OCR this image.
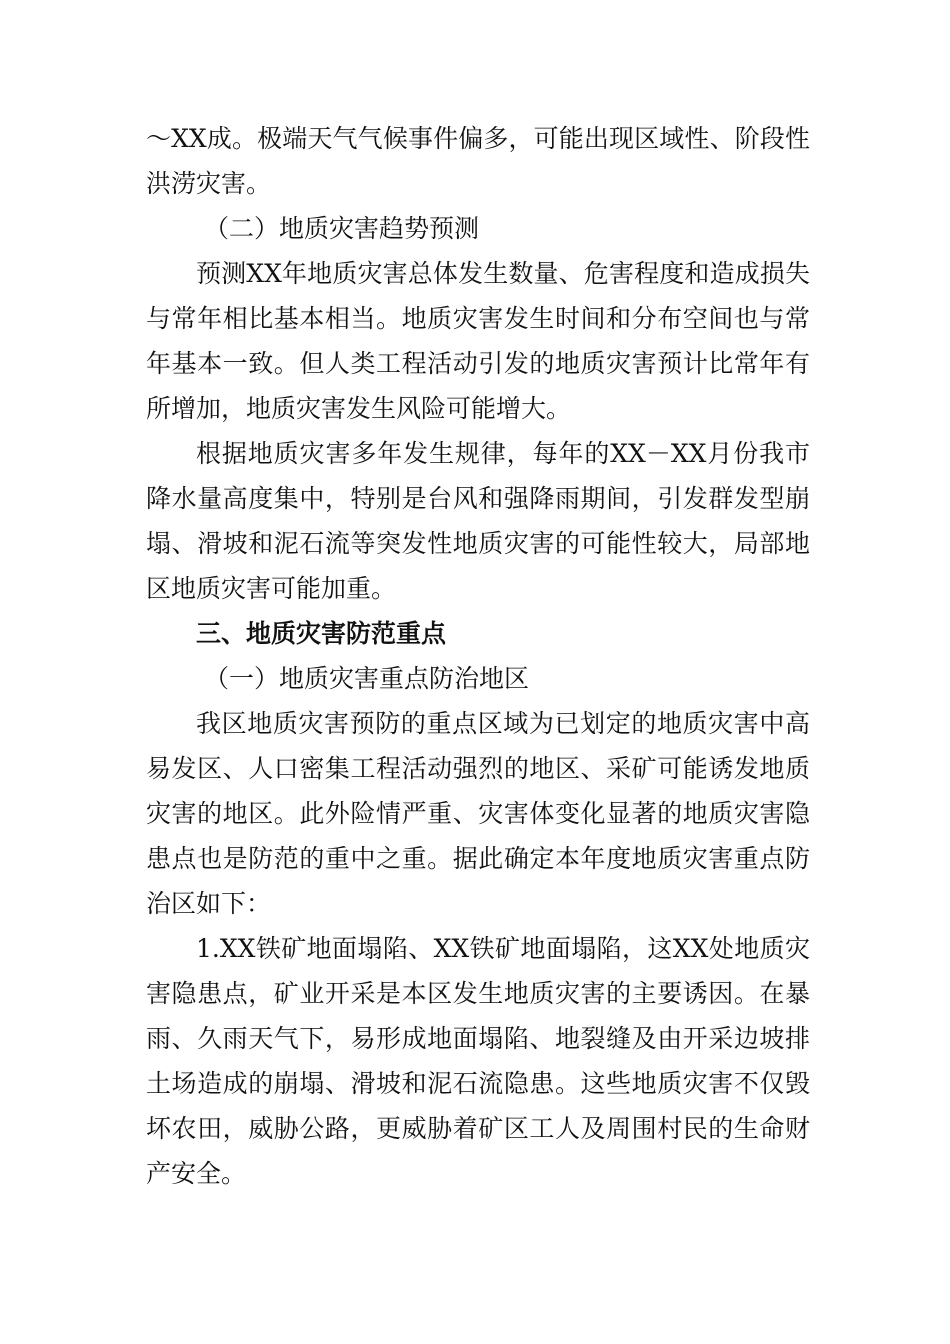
～XX成。极端天气气候事件偏多，可能出现区域性、阶段性洪涝灾害。

（二）地质灾害趋势预测

预测XX年地质灾害总体发生数量、危害程度和造成损失与常年相比基本相当。地质灾害发生时间和分布空间也与常年基本一致。但人类工程活动引发的地质灾害预计比常年有所增加，地质灾害发生风险可能增大。

根据地质灾害多年发生规律，每年的XX－XX月份我市降水量高度集中，特别是台风和强降雨期间，引发群发型崩塌、滑坡和泥石流等突发性地质灾害的可能性较大，局部地区地质灾害可能加重。

三、地质灾害防范重点

（一）地质灾害重点防治地区

我区地质灾害预防的重点区域为已划定的地质灾害中高易发区、人口密集工程活动强烈的地区、采矿可能诱发地质灾害的地区。此外险情严重、灾害体变化显著的地质灾害隐患点也是防范的重中之重。据此确定本年度地质灾害重点防治区如下：

1.XX铁矿地面塌陷、XX铁矿地面塌陷，这XX处地质灾害隐患点，矿业开采是本区发生地质灾害的主要诱因。在暴雨、久雨天气下，易形成地面塌陷、地裂缝及由开采边坡排土场造成的崩塌、滑坡和泥石流隐患。这些地质灾害不仅毁坏农田，威胁公路，更威胁着矿区工人及周围村民的生命财产安全。
